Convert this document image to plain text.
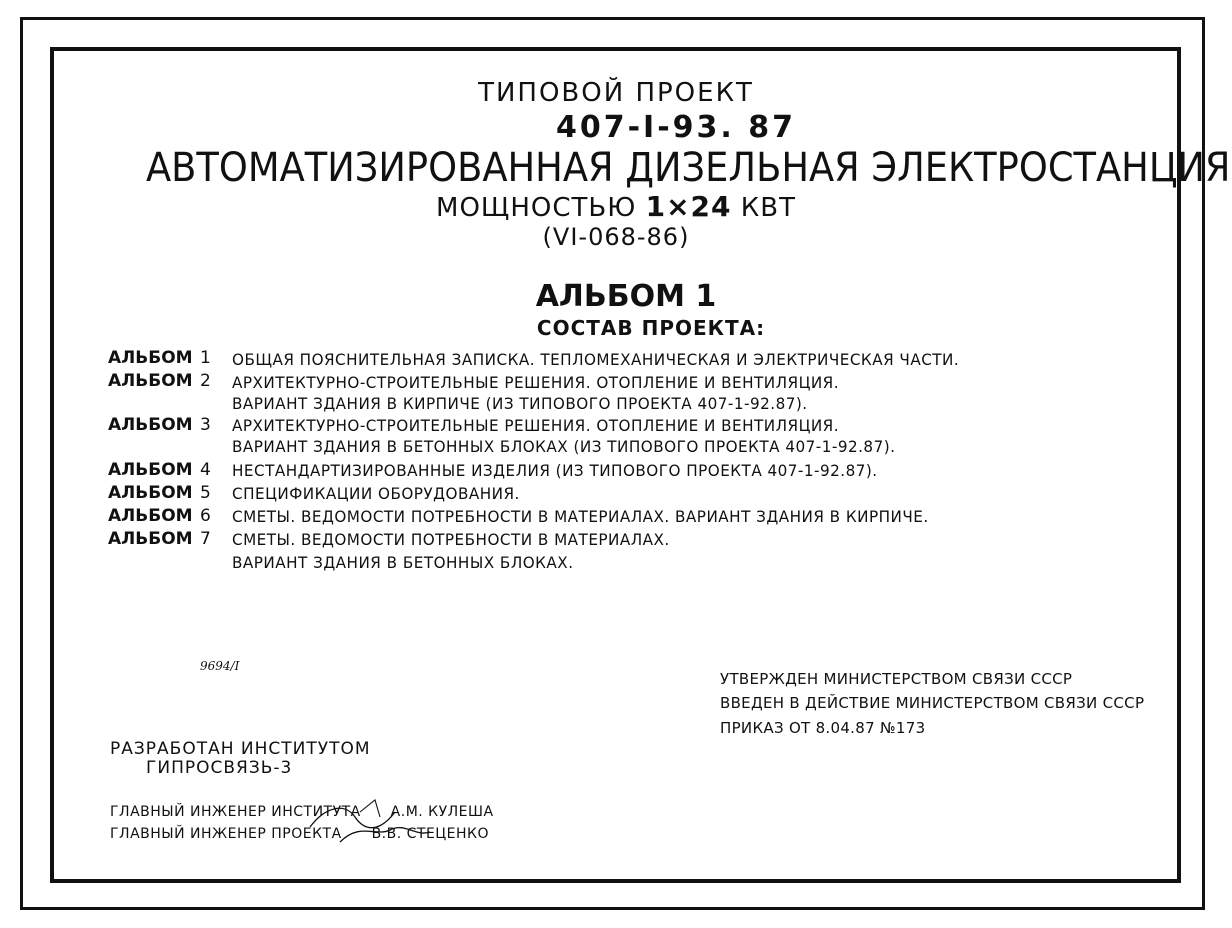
ТИПОВОЙ ПРОЕКТ
407-I-93. 87
АВТОМАТИЗИРОВАННАЯ ДИЗЕЛЬНАЯ ЭЛЕКТРОСТАНЦИЯ
МОЩНОСТЬЮ 1×24 КВТ
(VI-068-86)
АЛЬБОМ 1
СОСТАВ ПРОЕКТА:
АЛЬБОМ 1 ОБЩАЯ ПОЯСНИТЕЛЬНАЯ ЗАПИСКА. ТЕПЛОМЕХАНИЧЕСКАЯ И ЭЛЕКТРИЧЕСКАЯ ЧАСТИ.
АЛЬБОМ 2 АРХИТЕКТУРНО-СТРОИТЕЛЬНЫЕ РЕШЕНИЯ. ОТОПЛЕНИЕ И ВЕНТИЛЯЦИЯ.
ВАРИАНТ ЗДАНИЯ В КИРПИЧЕ (ИЗ ТИПОВОГО ПРОЕКТА 407-1-92.87).
АЛЬБОМ 3 АРХИТЕКТУРНО-СТРОИТЕЛЬНЫЕ РЕШЕНИЯ. ОТОПЛЕНИЕ И ВЕНТИЛЯЦИЯ.
ВАРИАНТ ЗДАНИЯ В БЕТОННЫХ БЛОКАХ (ИЗ ТИПОВОГО ПРОЕКТА 407-1-92.87).
АЛЬБОМ 4 НЕСТАНДАРТИЗИРОВАННЫЕ ИЗДЕЛИЯ (ИЗ ТИПОВОГО ПРОЕКТА 407-1-92.87).
АЛЬБОМ 5 СПЕЦИФИКАЦИИ ОБОРУДОВАНИЯ.
АЛЬБОМ 6 СМЕТЫ. ВЕДОМОСТИ ПОТРЕБНОСТИ В МАТЕРИАЛАХ. ВАРИАНТ ЗДАНИЯ В КИРПИЧЕ.
АЛЬБОМ 7 СМЕТЫ. ВЕДОМОСТИ ПОТРЕБНОСТИ В МАТЕРИАЛАХ.
ВАРИАНТ ЗДАНИЯ В БЕТОННЫХ БЛОКАХ.
9694/I
УТВЕРЖДЕН МИНИСТЕРСТВОМ СВЯЗИ СССР
ВВЕДЕН В ДЕЙСТВИЕ МИНИСТЕРСТВОМ СВЯЗИ СССР
ПРИКАЗ ОТ 8.04.87 №173
РАЗРАБОТАН ИНСТИТУТОМ
ГИПРОСВЯЗЬ-3
ГЛАВНЫЙ ИНЖЕНЕР ИНСТИТУТА А.М. КУЛЕША
ГЛАВНЫЙ ИНЖЕНЕР ПРОЕКТА В.В. СТЕЦЕНКО
